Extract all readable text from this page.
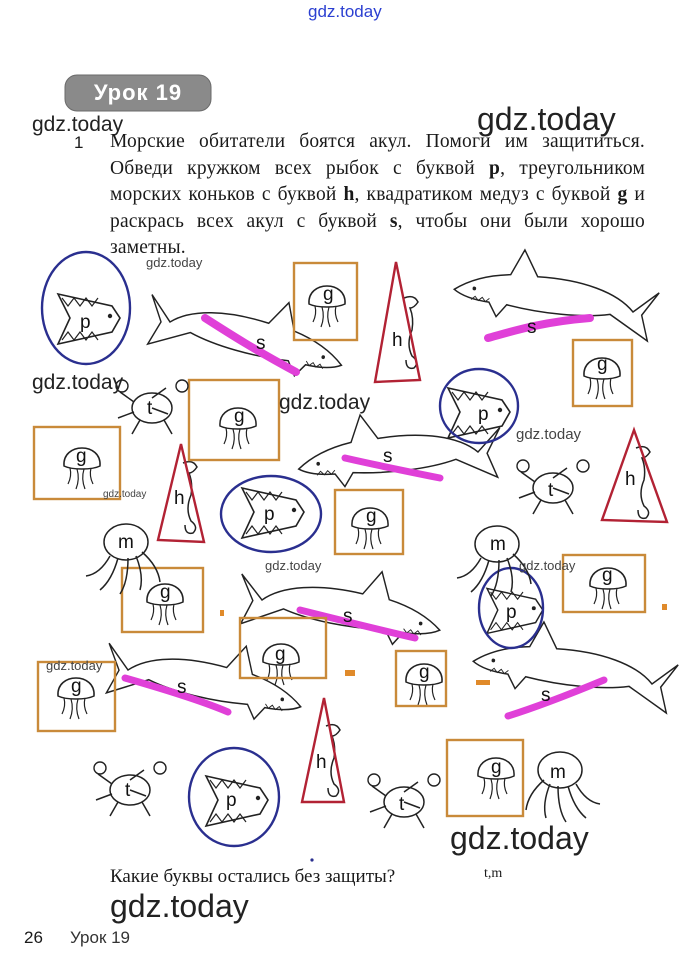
gdz.today
gdz.today	gdz.today
Урок 19
1 Морские обитатели боятся акул. Помоги им защититься. Обведи кружком всех рыбок с буквой p, треугольником морских коньков с буквой h, квадратиком медуз с буквой g и раскрась всех акул с буквой s, чтобы они были хорошо заметны.
s
s
s
s
s	s
p
p
p
p
p
h
h
h
h
g
g
g
g
g
g
g
g
g
g
g
t
t
t
t
m	m
m
gdz.today
gdz.today
gdz.today
gdz.today
gdz.today
gdz.today	gdz.today
gdz.today
gdz.today
Какие буквы остались без защиты?	t,m
gdz.today
26 Урок 19
